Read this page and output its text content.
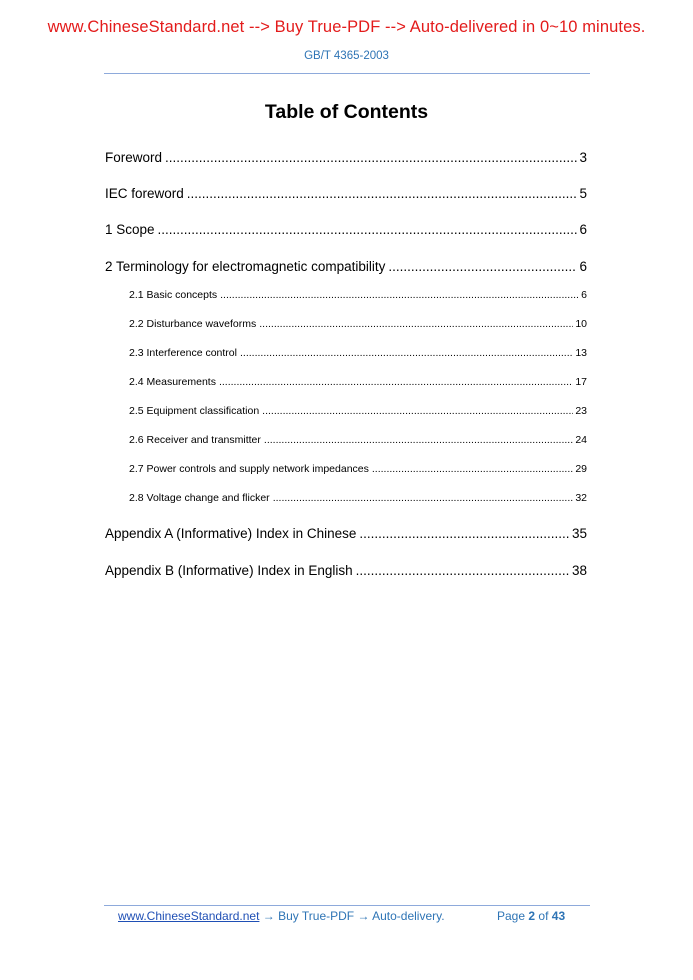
www.ChineseStandard.net --> Buy True-PDF --> Auto-delivered in 0~10 minutes.
GB/T 4365-2003
Table of Contents
Foreword .....	3
IEC foreword .....	5
1 Scope .....	6
2 Terminology for electromagnetic compatibility .....	6
2.1 Basic concepts .....	6
2.2 Disturbance waveforms .....	10
2.3 Interference control .....	13
2.4 Measurements .....	17
2.5 Equipment classification .....	23
2.6 Receiver and transmitter .....	24
2.7 Power controls and supply network impedances .....	29
2.8 Voltage change and flicker .....	32
Appendix A (Informative) Index in Chinese .....	35
Appendix B (Informative) Index in English .....	38
www.ChineseStandard.net → Buy True-PDF → Auto-delivery.	Page 2 of 43
